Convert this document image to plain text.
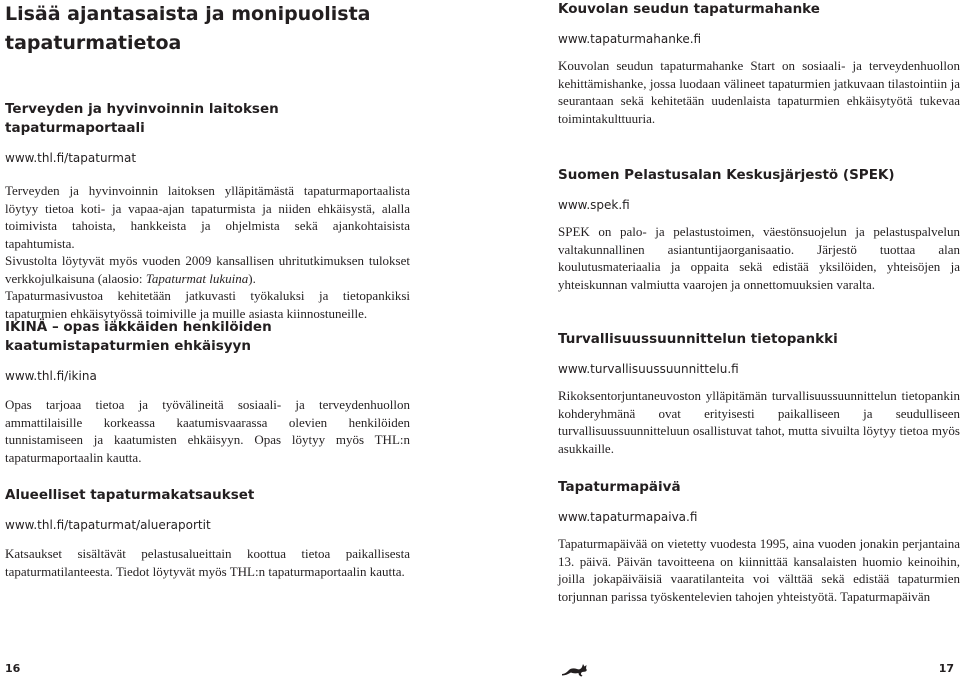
Lisää ajantasaista ja monipuolista tapaturmatietoa
Terveyden ja hyvinvoinnin laitoksen tapaturmaportaali

www.thl.fi/tapaturmat

Terveyden ja hyvinvoinnin laitoksen ylläpitämästä tapaturmaportaalista löytyy tietoa koti- ja vapaa-ajan tapaturmista ja niiden ehkäisystä, alalla toimivista tahoista, hankkeista ja ohjelmista sekä ajankohtaisista tapahtumista.

Sivustolta löytyvät myös vuoden 2009 kansallisen uhritutkimuksen tulokset verkkojulkaisuna (alaosio: Tapaturmat lukuina).

Tapaturmasivustoa kehitetään jatkuvasti työkaluksi ja tietopankiksi tapaturmien ehkäisytyössä toimiville ja muille asiasta kiinnostuneille.

IKINÄ – opas iäkkäiden henkilöiden kaatumistapaturmien ehkäisyyn

www.thl.fi/ikina

Opas tarjoaa tietoa ja työvälineitä sosiaali- ja terveydenhuollon ammattilaisille korkeassa kaatumisvaarassa olevien henkilöiden tunnistamiseen ja kaatumisten ehkäisyyn. Opas löytyy myös THL:n tapaturmaportaalin kautta.

Alueelliset tapaturmakatsaukset

www.thl.fi/tapaturmat/alueraportit

Katsaukset sisältävät pelastusalueittain koottua tietoa paikallisesta tapaturmatilanteesta. Tiedot löytyvät myös THL:n tapaturmaportaalin kautta.

Kouvolan seudun tapaturmahanke

www.tapaturmahanke.fi

Kouvolan seudun tapaturmahanke Start on sosiaali- ja terveydenhuollon kehittämishanke, jossa luodaan välineet tapaturmien jatkuvaan tilastointiin ja seurantaan sekä kehitetään uudenlaista tapaturmien ehkäisytyötä tukevaa toimintakulttuuria.

Suomen Pelastusalan Keskusjärjestö (SPEK)

www.spek.fi

SPEK on palo- ja pelastustoimen, väestönsuojelun ja pelastuspalvelun valtakunnallinen asiantuntijaorganisaatio. Järjestö tuottaa alan koulutusmateriaalia ja oppaita sekä edistää yksilöiden, yhteisöjen ja yhteiskunnan valmiutta vaarojen ja onnettomuuksien varalta.

Turvallisuussuunnittelun tietopankki

www.turvallisuussuunnittelu.fi

Rikoksentorjuntaneuvoston ylläpitämän turvallisuussuunnittelun tietopankin kohderyhmänä ovat erityisesti paikalliseen ja seudulliseen turvallisuussuunnitteluun osallistuvat tahot, mutta sivuilta löytyy tietoa myös asukkaille.

Tapaturmapäivä

www.tapaturmapaiva.fi

Tapaturmapäivää on vietetty vuodesta 1995, aina vuoden jonakin perjantaina 13. päivä. Päivän tavoitteena on kiinnittää kansalaisten huomio keinoihin, joilla jokapäiväisiä vaaratilanteita voi välttää sekä edistää tapaturmien torjunnan parissa työskentelevien tahojen yhteistyötä. Tapaturmapäivän

16	17
